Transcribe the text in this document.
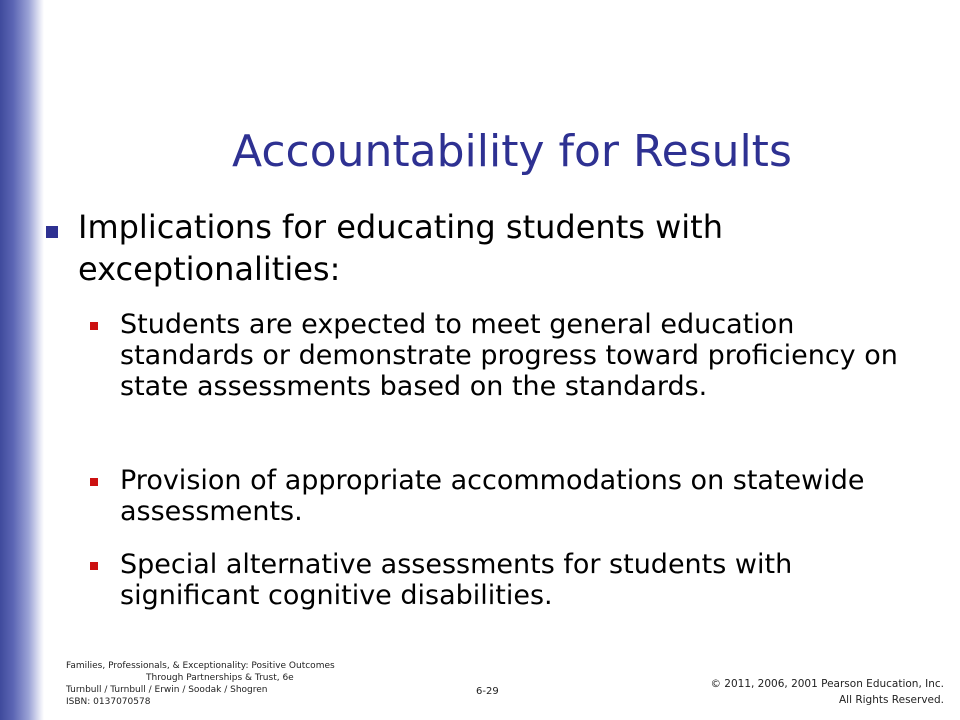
Accountability for Results
Implications for educating students with exceptionalities:
Students are expected to meet general education standards or demonstrate progress toward proficiency on state assessments based on the standards.
Provision of appropriate accommodations on statewide assessments.
Special alternative assessments for students with significant cognitive disabilities.
Families, Professionals, & Exceptionality: Positive Outcomes
Through Partnerships & Trust, 6e
Turnbull / Turnbull / Erwin / Soodak / Shogren
ISBN: 0137070578
6-29
© 2011, 2006, 2001 Pearson Education, Inc.
All Rights Reserved.
